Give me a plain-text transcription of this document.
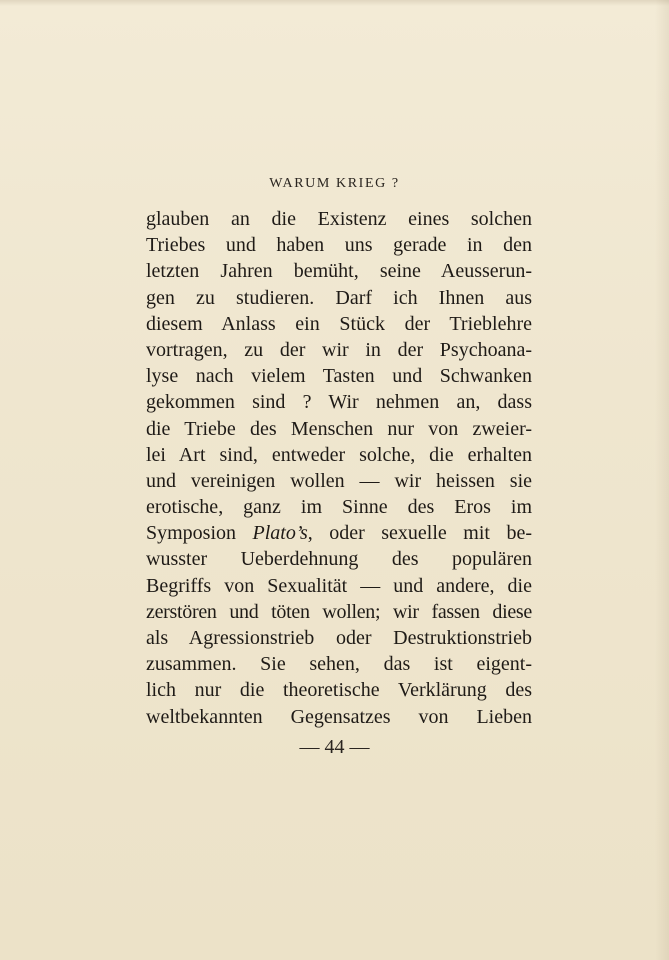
WARUM KRIEG ?
glauben an die Existenz eines solchen
Triebes und haben uns gerade in den
letzten Jahren bemüht, seine Aeusserun-
gen zu studieren. Darf ich Ihnen aus
diesem Anlass ein Stück der Trieblehre
vortragen, zu der wir in der Psychoana-
lyse nach vielem Tasten und Schwanken
gekommen sind ? Wir nehmen an, dass
die Triebe des Menschen nur von zweier-
lei Art sind, entweder solche, die erhalten
und vereinigen wollen — wir heissen sie
erotische, ganz im Sinne des Eros im
Symposion Plato’s, oder sexuelle mit be-
wusster Ueberdehnung des populären
Begriffs von Sexualität — und andere, die
zerstören und töten wollen; wir fassen diese
als Agressionstrieb oder Destruktionstrieb
zusammen. Sie sehen, das ist eigent-
lich nur die theoretische Verklärung des
weltbekannten Gegensatzes von Lieben
— 44 —
